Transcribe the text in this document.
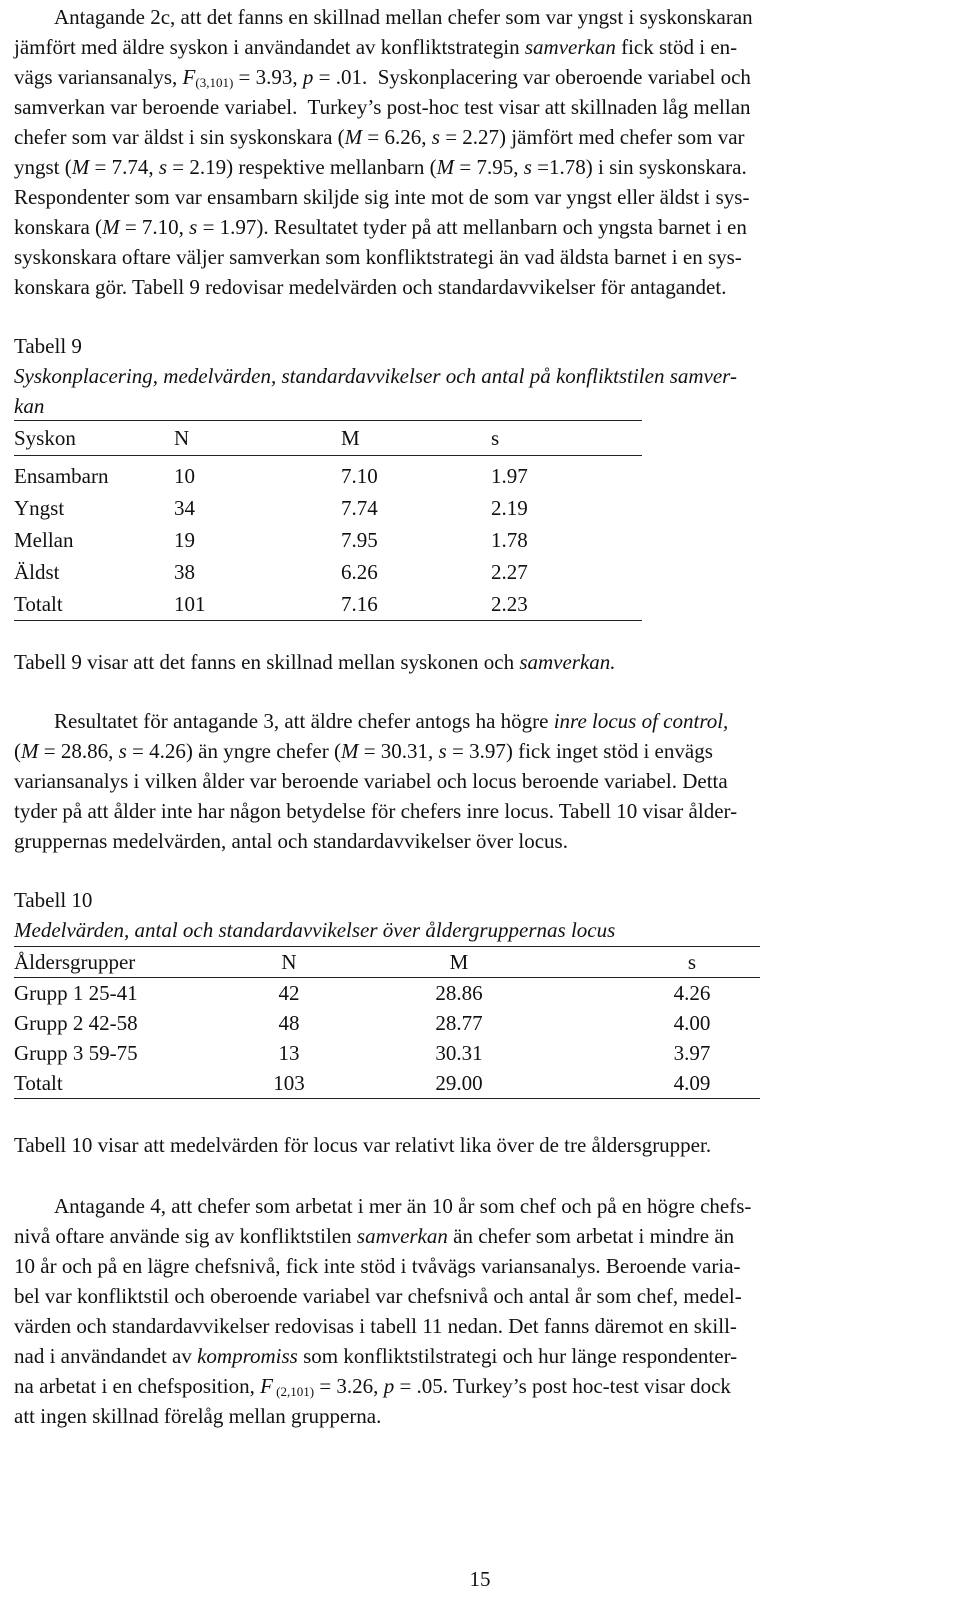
Antagande 2c, att det fanns en skillnad mellan chefer som var yngst i syskonskaran
jämfört med äldre syskon i användandet av konfliktstrategin samverkan fick stöd i en-
vägs variansanalys, $F_{(3,101)} = 3.93$, p = .01.  Syskonplacering var oberoende variabel och
samverkan var beroende variabel.  Turkey’s post-hoc test visar att skillnaden låg mellan
chefer som var äldst i sin syskonskara (M = 6.26, s = 2.27) jämfört med chefer som var
yngst (M = 7.74, s = 2.19) respektive mellanbarn (M = 7.95, s =1.78) i sin syskonskara.
Respondenter som var ensambarn skiljde sig inte mot de som var yngst eller äldst i sys-
konskara (M = 7.10, s = 1.97). Resultatet tyder på att mellanbarn och yngsta barnet i en
syskonskara oftare väljer samverkan som konfliktstrategi än vad äldsta barnet i en sys-
konskara gör. Tabell 9 redovisar medelvärden och standardavvikelser för antagandet.
Tabell 9
Syskonplacering, medelvärden, standardavvikelser och antal på konfliktstilen samver-
kan
Syskon	N	M	s
Ensambarn	10	7.10	1.97
Yngst	34	7.74	2.19
Mellan	19	7.95	1.78
Äldst	38	6.26	2.27
Totalt	101	7.16	2.23
Tabell 9 visar att det fanns en skillnad mellan syskonen och samverkan.
Resultatet för antagande 3, att äldre chefer antogs ha högre inre locus of control,
(M = 28.86, s = 4.26) än yngre chefer (M = 30.31, s = 3.97) fick inget stöd i envägs
variansanalys i vilken ålder var beroende variabel och locus beroende variabel. Detta
tyder på att ålder inte har någon betydelse för chefers inre locus. Tabell 10 visar ålder-
gruppernas medelvärden, antal och standardavvikelser över locus.
Tabell 10
Medelvärden, antal och standardavvikelser över åldergruppernas locus
Åldersgrupper	N	M	s
Grupp 1 25-41	42	28.86	4.26
Grupp 2 42-58	48	28.77	4.00
Grupp 3 59-75	13	30.31	3.97
Totalt	103	29.00	4.09
Tabell 10 visar att medelvärden för locus var relativt lika över de tre åldersgrupper.
Antagande 4, att chefer som arbetat i mer än 10 år som chef och på en högre chefs-
nivå oftare använde sig av konfliktstilen samverkan än chefer som arbetat i mindre än
10 år och på en lägre chefsnivå, fick inte stöd i tvåvägs variansanalys. Beroende varia-
bel var konfliktstil och oberoende variabel var chefsnivå och antal år som chef, medel-
värden och standardavvikelser redovisas i tabell 11 nedan. Det fanns däremot en skill-
nad i användandet av kompromiss som konfliktstilstrategi och hur länge respondenter-
na arbetat i en chefsposition, F $_{(2,101)}$ = 3.26, p = .05. Turkey’s post hoc-test visar dock
att ingen skillnad förelåg mellan grupperna.
15
